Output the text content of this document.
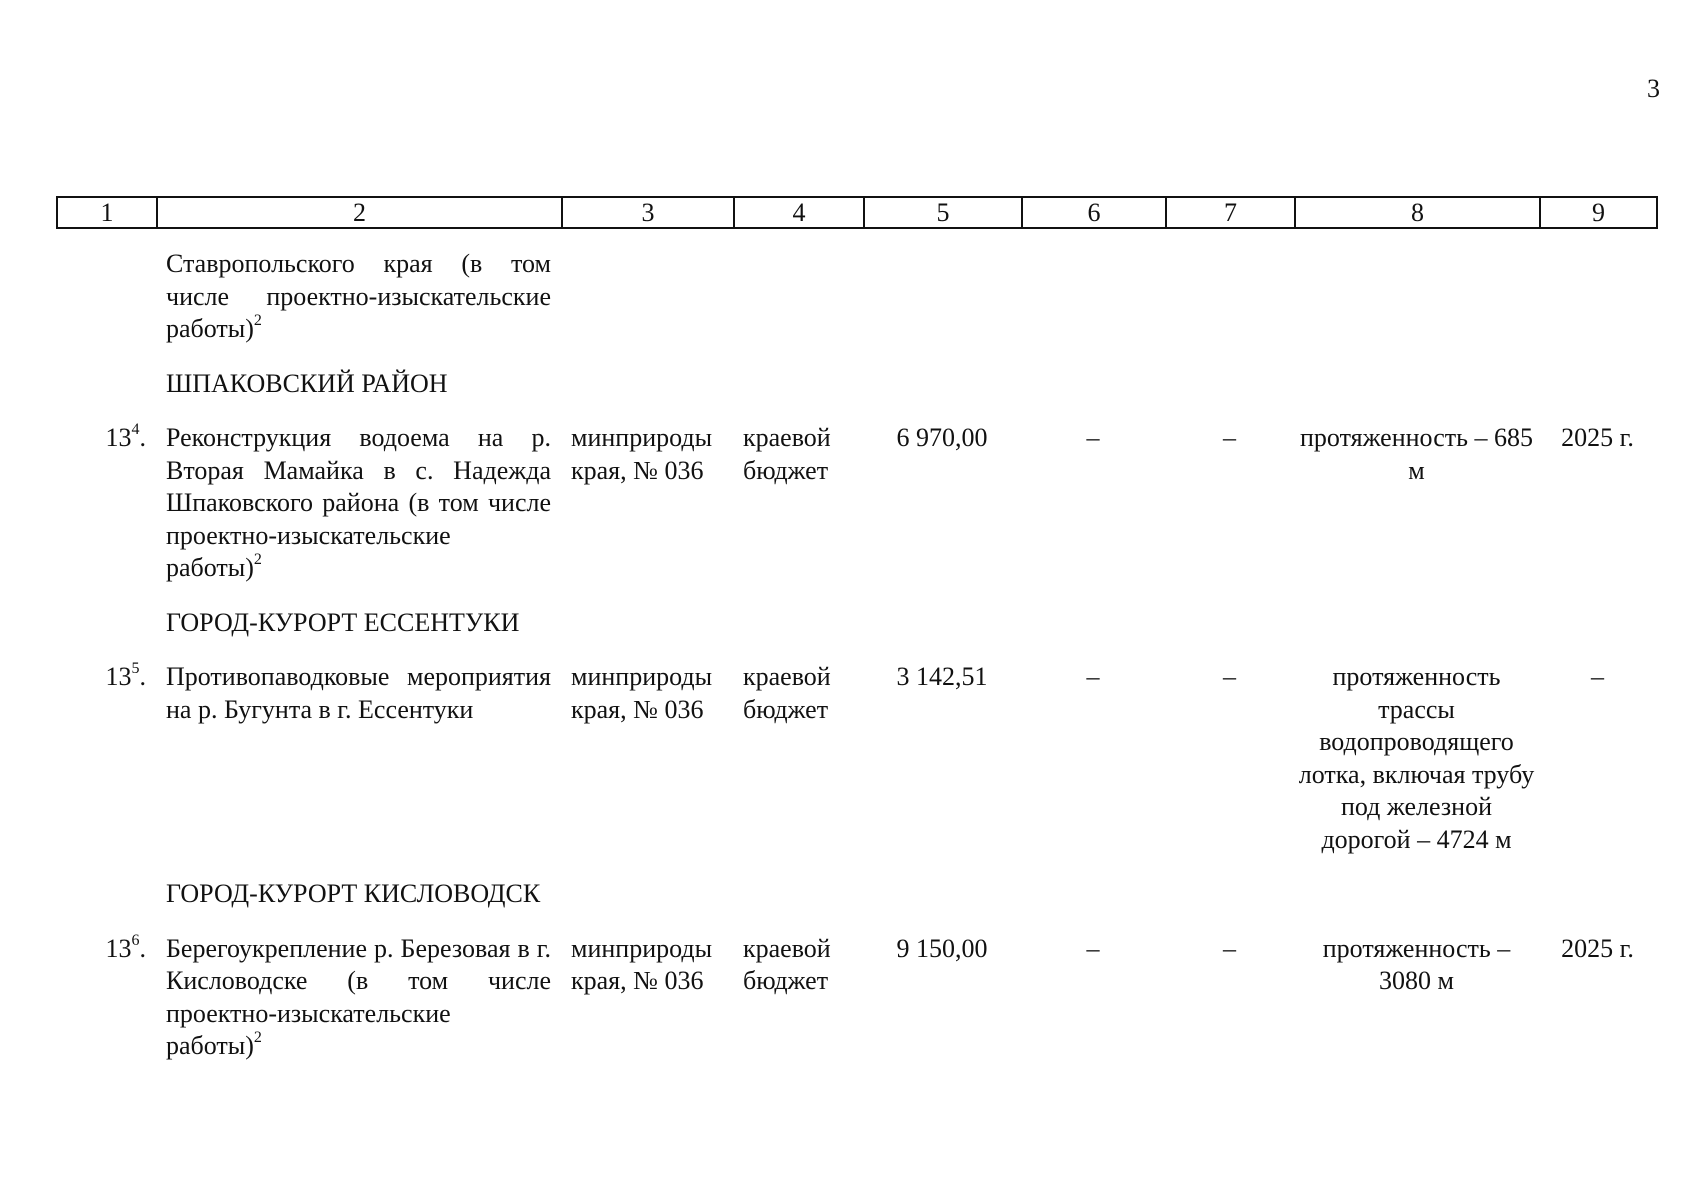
3
1	2	3	4	5	6	7	8	9
	Ставропольского края (в том числе проектно-изыскательские работы)$^2$							
	ШПАКОВСКИЙ РАЙОН							
$13^4$.	Реконструкция водоема на р. Вторая Мамайка в с. Надежда Шпаковского района (в том числе проектно-изыскательские работы)$^2$	минприроды края, № 036	краевой бюджет	6 970,00	–	–	протяженность – 685 м	2025 г.
	ГОРОД-КУРОРТ ЕССЕНТУКИ							
$13^5$.	Противопаводковые мероприятия на р. Бугунта в г. Ессентуки	минприроды края, № 036	краевой бюджет	3 142,51	–	–	протяженность трассы водопроводящего лотка, включая трубу под железной дорогой – 4724 м	–
	ГОРОД-КУРОРТ КИСЛОВОДСК							
$13^6$.	Берегоукрепление р. Березовая в г. Кисловодске (в том числе проектно-изыскательские работы)$^2$	минприроды края, № 036	краевой бюджет	9 150,00	–	–	протяженность – 3080 м	2025 г.
